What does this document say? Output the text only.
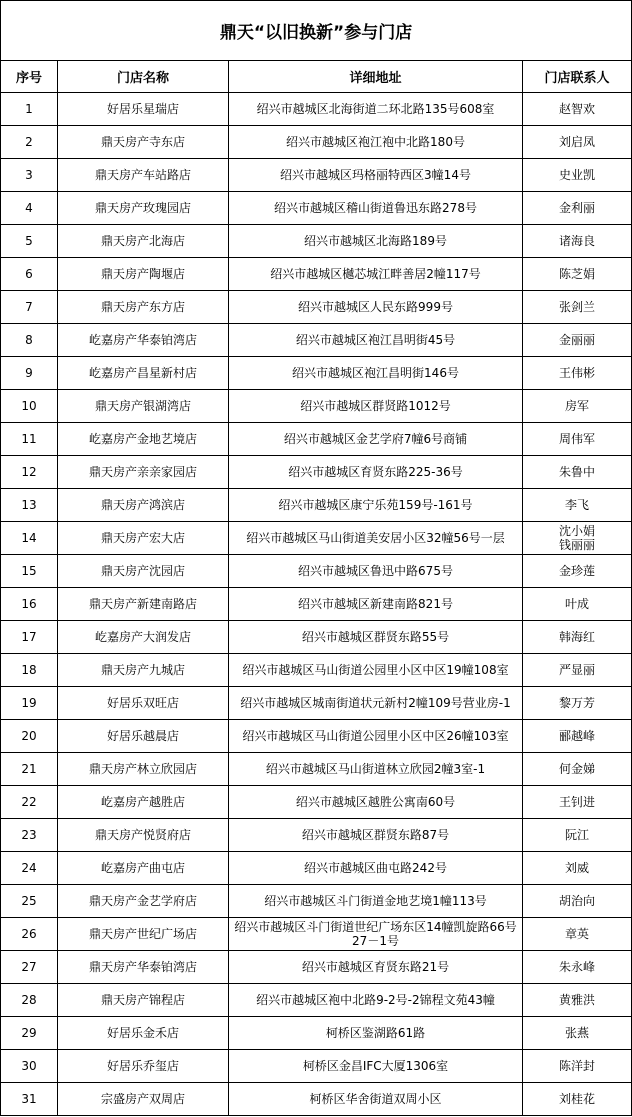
鼎天“以旧换新”参与门店			
序号	门店名称	详细地址	门店联系人
1	好居乐星瑞店	绍兴市越城区北海街道二环北路135号608室	赵智欢
2	鼎天房产寺东店	绍兴市越城区袍江袍中北路180号	刘启凤
3	鼎天房产车站路店	绍兴市越城区玛格丽特西区3幢14号	史业凯
4	鼎天房产玫瑰园店	绍兴市越城区稽山街道鲁迅东路278号	金利丽
5	鼎天房产北海店	绍兴市越城区北海路189号	诸海良
6	鼎天房产陶堰店	绍兴市越城区樾芯城江畔善居2幢117号	陈芝娟
7	鼎天房产东方店	绍兴市越城区人民东路999号	张剑兰
8	屹嘉房产华泰铂湾店	绍兴市越城区袍江昌明街45号	金丽丽
9	屹嘉房产昌星新村店	绍兴市越城区袍江昌明街146号	王伟彬
10	鼎天房产银湖湾店	绍兴市越城区群贤路1012号	房军
11	屹嘉房产金地艺境店	绍兴市越城区金艺学府7幢6号商铺	周伟军
12	鼎天房产亲亲家园店	绍兴市越城区育贤东路225-36号	朱鲁中
13	鼎天房产鸿滨店	绍兴市越城区康宁乐苑159号-161号	李飞
14	鼎天房产宏大店	绍兴市越城区马山街道美安居小区32幢56号一层	沈小娟
钱丽丽
15	鼎天房产沈园店	绍兴市越城区鲁迅中路675号	金珍莲
16	鼎天房产新建南路店	绍兴市越城区新建南路821号	叶成
17	屹嘉房产大润发店	绍兴市越城区群贤东路55号	韩海红
18	鼎天房产九城店	绍兴市越城区马山街道公园里小区中区19幢108室	严显丽
19	好居乐双旺店	绍兴市越城区城南街道状元新村2幢109号营业房-1	黎万芳
20	好居乐越晨店	绍兴市越城区马山街道公园里小区中区26幢103室	郦越峰
21	鼎天房产林立欣园店	绍兴市越城区马山街道林立欣园2幢3室-1	何金娣
22	屹嘉房产越胜店	绍兴市越城区越胜公寓南60号	王钊进
23	鼎天房产悦贤府店	绍兴市越城区群贤东路87号	阮江
24	屹嘉房产曲屯店	绍兴市越城区曲屯路242号	刘威
25	鼎天房产金艺学府店	绍兴市越城区斗门街道金地艺境1幢113号	胡治向
26	鼎天房产世纪广场店	绍兴市越城区斗门街道世纪广场东区14幢凯旋路66号27－1号	章英
27	鼎天房产华泰铂湾店	绍兴市越城区育贤东路21号	朱永峰
28	鼎天房产锦程店	绍兴市越城区袍中北路9-2号-2锦程文苑43幢	黄雅洪
29	好居乐金禾店	柯桥区鉴湖路61路	张燕
30	好居乐乔玺店	柯桥区金昌IFC大厦1306室	陈洋封
31	宗盛房产双周店	柯桥区华舍街道双周小区	刘桂花
